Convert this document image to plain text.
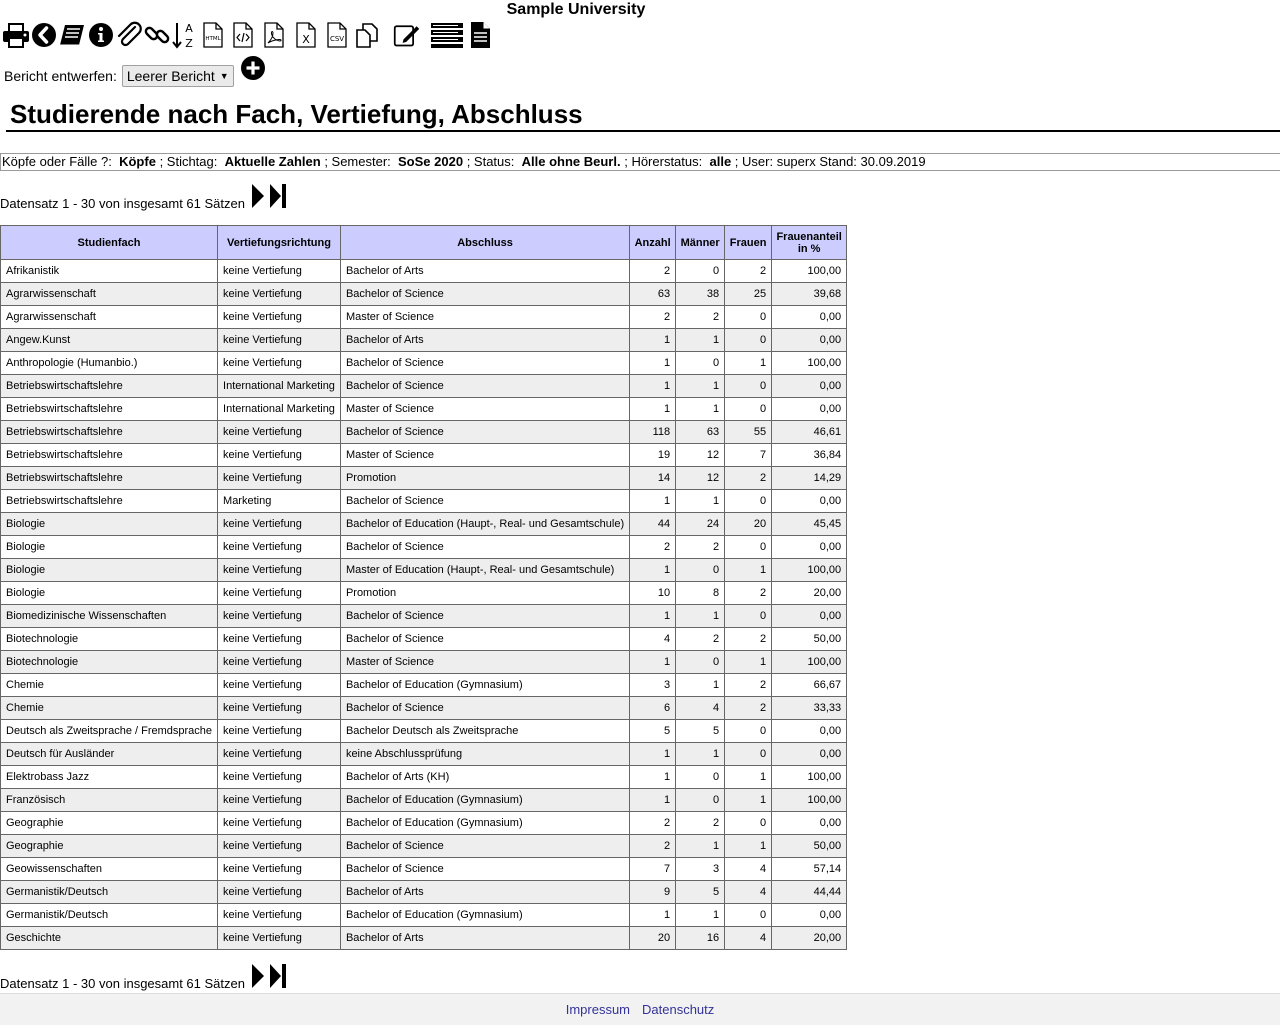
Sample University
A
Z HTML	X	CSV
Bericht entwerfen: Leerer Bericht ▼
Studierende nach Fach, Vertiefung, Abschluss
Köpfe oder Fälle ?: Köpfe ; Stichtag: Aktuelle Zahlen ; Semester: SoSe 2020 ; Status: Alle ohne Beurl. ; Hörerstatus: alle ; User: superx Stand: 30.09.2019
Datensatz 1 - 30 von insgesamt 61 Sätzen
Studienfach	Vertiefungsrichtung	Abschluss	Anzahl	Männer	Frauen	Frauenanteil in %
Afrikanistik	keine Vertiefung	Bachelor of Arts	2	0	2	100,00
Agrarwissenschaft	keine Vertiefung	Bachelor of Science	63	38	25	39,68
Agrarwissenschaft	keine Vertiefung	Master of Science	2	2	0	0,00
Angew.Kunst	keine Vertiefung	Bachelor of Arts	1	1	0	0,00
Anthropologie (Humanbio.)	keine Vertiefung	Bachelor of Science	1	0	1	100,00
Betriebswirtschaftslehre	International Marketing	Bachelor of Science	1	1	0	0,00
Betriebswirtschaftslehre	International Marketing	Master of Science	1	1	0	0,00
Betriebswirtschaftslehre	keine Vertiefung	Bachelor of Science	118	63	55	46,61
Betriebswirtschaftslehre	keine Vertiefung	Master of Science	19	12	7	36,84
Betriebswirtschaftslehre	keine Vertiefung	Promotion	14	12	2	14,29
Betriebswirtschaftslehre	Marketing	Bachelor of Science	1	1	0	0,00
Biologie	keine Vertiefung	Bachelor of Education (Haupt-, Real- und Gesamtschule)	44	24	20	45,45
Biologie	keine Vertiefung	Bachelor of Science	2	2	0	0,00
Biologie	keine Vertiefung	Master of Education (Haupt-, Real- und Gesamtschule)	1	0	1	100,00
Biologie	keine Vertiefung	Promotion	10	8	2	20,00
Biomedizinische Wissenschaften	keine Vertiefung	Bachelor of Science	1	1	0	0,00
Biotechnologie	keine Vertiefung	Bachelor of Science	4	2	2	50,00
Biotechnologie	keine Vertiefung	Master of Science	1	0	1	100,00
Chemie	keine Vertiefung	Bachelor of Education (Gymnasium)	3	1	2	66,67
Chemie	keine Vertiefung	Bachelor of Science	6	4	2	33,33
Deutsch als Zweitsprache / Fremdsprache	keine Vertiefung	Bachelor Deutsch als Zweitsprache	5	5	0	0,00
Deutsch für Ausländer	keine Vertiefung	keine Abschlussprüfung	1	1	0	0,00
Elektrobass Jazz	keine Vertiefung	Bachelor of Arts (KH)	1	0	1	100,00
Französisch	keine Vertiefung	Bachelor of Education (Gymnasium)	1	0	1	100,00
Geographie	keine Vertiefung	Bachelor of Education (Gymnasium)	2	2	0	0,00
Geographie	keine Vertiefung	Bachelor of Science	2	1	1	50,00
Geowissenschaften	keine Vertiefung	Bachelor of Science	7	3	4	57,14
Germanistik/Deutsch	keine Vertiefung	Bachelor of Arts	9	5	4	44,44
Germanistik/Deutsch	keine Vertiefung	Bachelor of Education (Gymnasium)	1	1	0	0,00
Geschichte	keine Vertiefung	Bachelor of Arts	20	16	4	20,00
Datensatz 1 - 30 von insgesamt 61 Sätzen
Impressum Datenschutz
